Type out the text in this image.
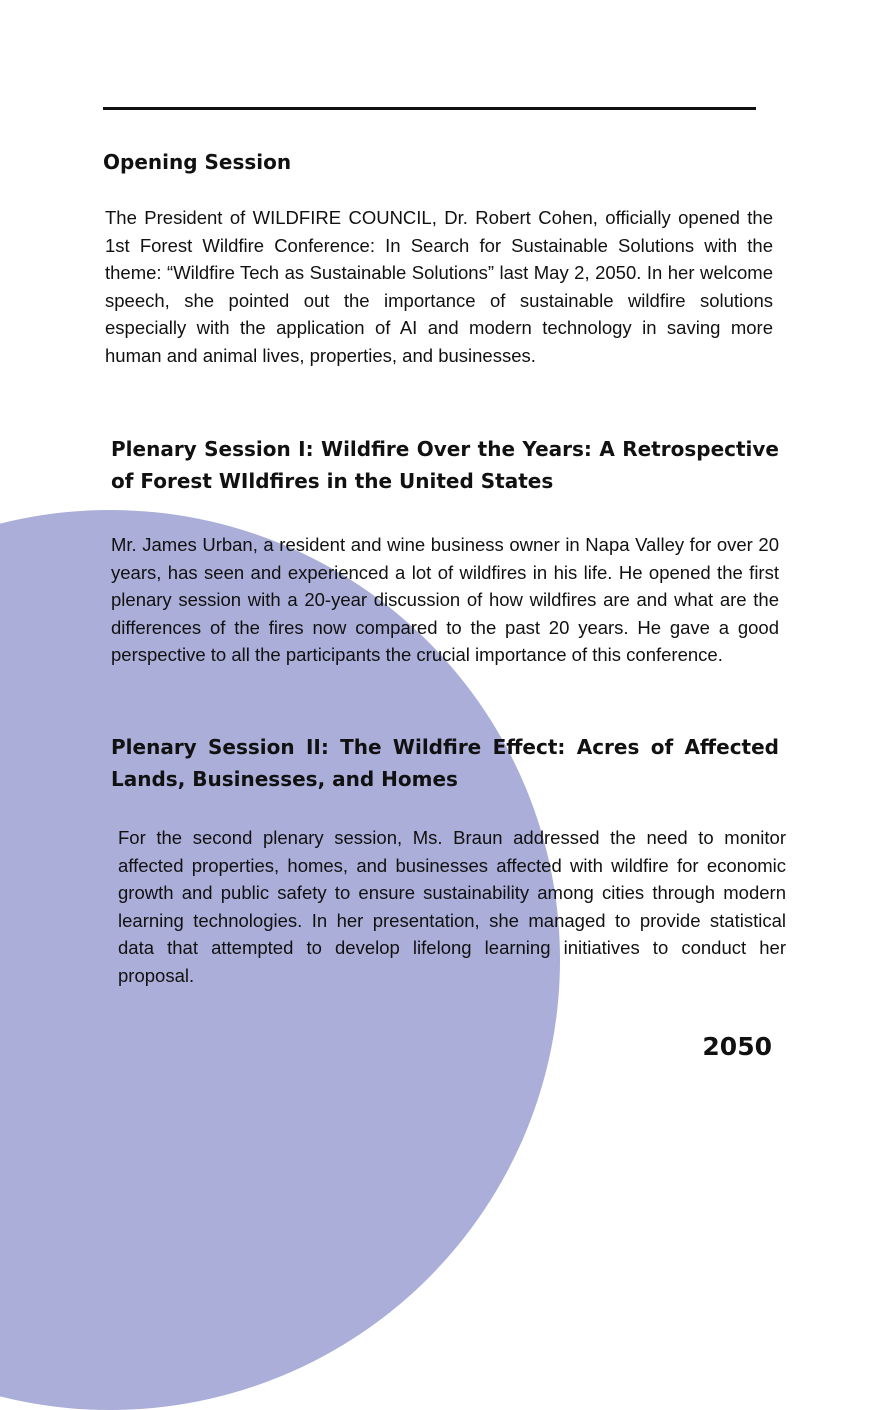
Opening Session

The President of WILDFIRE COUNCIL, Dr. Robert Cohen, officially opened the 1st Forest Wildfire Conference: In Search for Sustainable Solutions with the theme: “Wildfire Tech as Sustainable Solutions” last May 2, 2050. In her welcome speech, she pointed out the importance of sustainable wildfire solutions especially with the application of AI and modern technology in saving more human and animal lives, properties, and businesses.

Plenary Session I: Wildfire Over the Years: A Retrospective of Forest WIldfires in the United States

Mr. James Urban, a resident and wine business owner in Napa Valley for over 20 years, has seen and experienced a lot of wildfires in his life. He opened the first plenary session with a 20-year discussion of how wildfires are and what are the differences of the fires now compared to the past 20 years. He gave a good perspective to all the participants the crucial importance of this conference.

Plenary Session II: The Wildfire Effect: Acres of Affected Lands, Businesses, and Homes

For the second plenary session, Ms. Braun addressed the need to monitor affected properties, homes, and businesses affected with wildfire for economic growth and public safety to ensure sustainability among cities through modern learning technologies. In her presentation, she managed to provide statistical data that attempted to develop lifelong learning initiatives to conduct her proposal.

2050
